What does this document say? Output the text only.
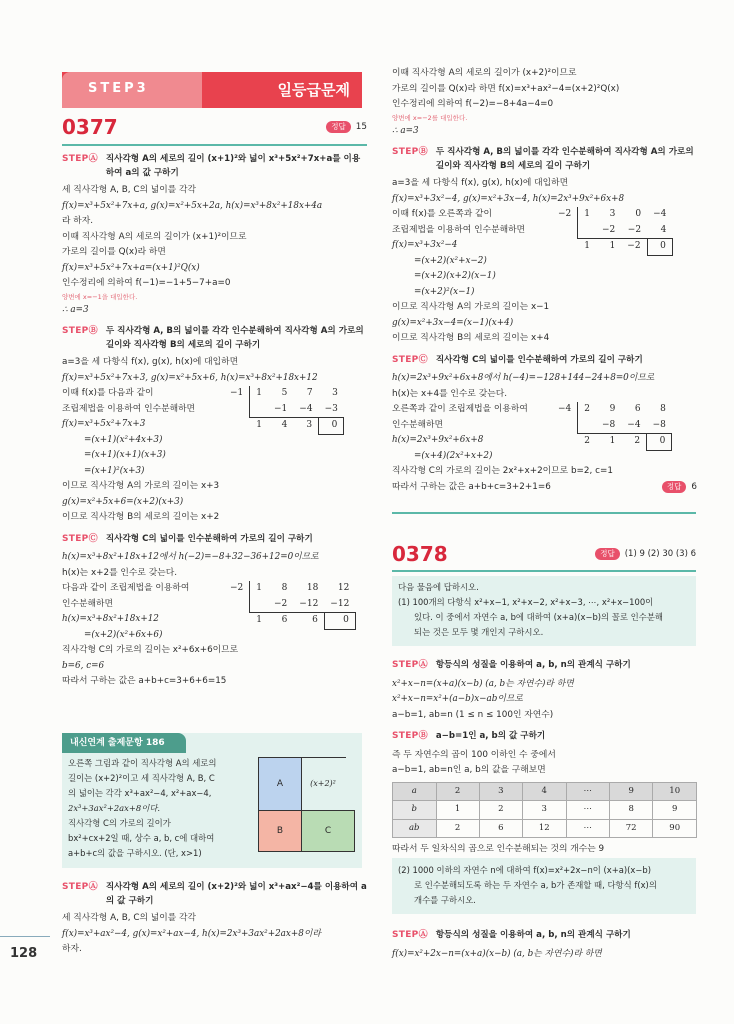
STEP3	일등급문제
0377	정답 15
STEPⒶ 직사각형 A의 세로의 길이 (x+1)²와 넓이 x³+5x²+7x+a를 이용하여 a의 값 구하기

세 직사각형 A, B, C의 넓이를 각각

f(x)=x³+5x²+7x+a, g(x)=x²+5x+2a, h(x)=x³+8x²+18x+4a

라 하자.

이때 직사각형 A의 세로의 길이가 (x+1)²이므로

가로의 길이를 Q(x)라 하면

f(x)=x³+5x²+7x+a=(x+1)²Q(x)

인수정리에 의하여 f(−1)=−1+5−7+a=0

양변에 x=−1을 대입한다.

∴ a=3

STEPⒷ 두 직사각형 A, B의 넓이를 각각 인수분해하여 직사각형 A의 가로의 길이와 직사각형 B의 세로의 길이 구하기

a=3을 세 다항식 f(x), g(x), h(x)에 대입하면

f(x)=x³+5x²+7x+3, g(x)=x²+5x+6, h(x)=x³+8x²+18x+12

이때 f(x)를 다음과 같이

조립제법을 이용하여 인수분해하면

f(x)=x³+5x²+7x+3

=(x+1)(x²+4x+3)

=(x+1)(x+1)(x+3)

=(x+1)²(x+3)

−1	1	5	7	3
		−1	−4	−3
	1	4	3	0

이므로 직사각형 A의 가로의 길이는 x+3

g(x)=x²+5x+6=(x+2)(x+3)

이므로 직사각형 B의 세로의 길이는 x+2

STEPⒸ 직사각형 C의 넓이를 인수분해하여 가로의 길이 구하기

h(x)=x³+8x²+18x+12에서 h(−2)=−8+32−36+12=0이므로

h(x)는 x+2를 인수로 갖는다.

다음과 같이 조립제법을 이용하여

인수분해하면

h(x)=x³+8x²+18x+12

=(x+2)(x²+6x+6)

−2	1	8	18	12
		−2	−12	−12
	1	6	6	0

직사각형 C의 가로의 길이는 x²+6x+6이므로

b=6, c=6

따라서 구하는 값은 a+b+c=3+6+6=15

내신연계 출제문항 186

오른쪽 그림과 같이 직사각형 A의 세로의

길이는 (x+2)²이고 세 직사각형 A, B, C

의 넓이는 각각 x³+ax²−4, x²+ax−4,

2x³+3ax²+2ax+8이다.

직사각형 C의 가로의 길이가

bx²+cx+2일 때, 상수 a, b, c에 대하여

a+b+c의 값을 구하시오. (단, x>1)

A	(x+2)²
B	C
STEPⒶ 직사각형 A의 세로의 길이 (x+2)²와 넓이 x³+ax²−4를 이용하여 a의 값 구하기

세 직사각형 A, B, C의 넓이를 각각

f(x)=x³+ax²−4, g(x)=x²+ax−4, h(x)=2x³+3ax²+2ax+8이라

하자.

이때 직사각형 A의 세로의 길이가 (x+2)²이므로

가로의 길이를 Q(x)라 하면 f(x)=x³+ax²−4=(x+2)²Q(x)

인수정리에 의하여 f(−2)=−8+4a−4=0

양변에 x=−2를 대입한다.

∴ a=3

STEPⒷ 두 직사각형 A, B의 넓이를 각각 인수분해하여 직사각형 A의 가로의 길이와 직사각형 B의 세로의 길이 구하기

a=3을 세 다항식 f(x), g(x), h(x)에 대입하면

f(x)=x³+3x²−4, g(x)=x²+3x−4, h(x)=2x³+9x²+6x+8

이때 f(x)를 오른쪽과 같이

조립제법을 이용하여 인수분해하면

f(x)=x³+3x²−4

=(x+2)(x²+x−2)

=(x+2)(x+2)(x−1)

=(x+2)²(x−1)

−2	1	3	0	−4
		−2	−2	4
	1	1	−2	0

이므로 직사각형 A의 가로의 길이는 x−1

g(x)=x²+3x−4=(x−1)(x+4)

이므로 직사각형 B의 세로의 길이는 x+4

STEPⒸ 직사각형 C의 넓이를 인수분해하여 가로의 길이 구하기

h(x)=2x³+9x²+6x+8에서 h(−4)=−128+144−24+8=0이므로

h(x)는 x+4를 인수로 갖는다.

오른쪽과 같이 조립제법을 이용하여

인수분해하면

h(x)=2x³+9x²+6x+8

=(x+4)(2x²+x+2)

−4	2	9	6	8
		−8	−4	−8
	2	1	2	0

직사각형 C의 가로의 길이는 2x²+x+2이므로 b=2, c=1

따라서 구하는 값은 a+b+c=3+2+1=6	정답 6
0378	정답 (1) 9 (2) 30 (3) 6

다음 물음에 답하시오.

(1) 100개의 다항식 x²+x−1, x²+x−2, x²+x−3, ⋯, x²+x−100이

있다. 이 중에서 자연수 a, b에 대하여 (x+a)(x−b)의 꼴로 인수분해

되는 것은 모두 몇 개인지 구하시오.

STEPⒶ 항등식의 성질을 이용하여 a, b, n의 관계식 구하기

x²+x−n=(x+a)(x−b) (a, b는 자연수)라 하면

x²+x−n=x²+(a−b)x−ab이므로

a−b=1, ab=n (1 ≤ n ≤ 100인 자연수)

STEPⒷ a−b=1인 a, b의 값 구하기

즉 두 자연수의 곱이 100 이하인 수 중에서

a−b=1, ab=n인 a, b의 값을 구해보면

a	2	3	4	⋯	9	10
b	1	2	3	⋯	8	9
ab	2	6	12	⋯	72	90

따라서 두 일차식의 곱으로 인수분해되는 것의 개수는 9

(2) 1000 이하의 자연수 n에 대하여 f(x)=x²+2x−n이 (x+a)(x−b)

로 인수분해되도록 하는 두 자연수 a, b가 존재할 때, 다항식 f(x)의

개수를 구하시오.

STEPⒶ 항등식의 성질을 이용하여 a, b, n의 관계식 구하기

f(x)=x²+2x−n=(x+a)(x−b) (a, b는 자연수)라 하면

128
